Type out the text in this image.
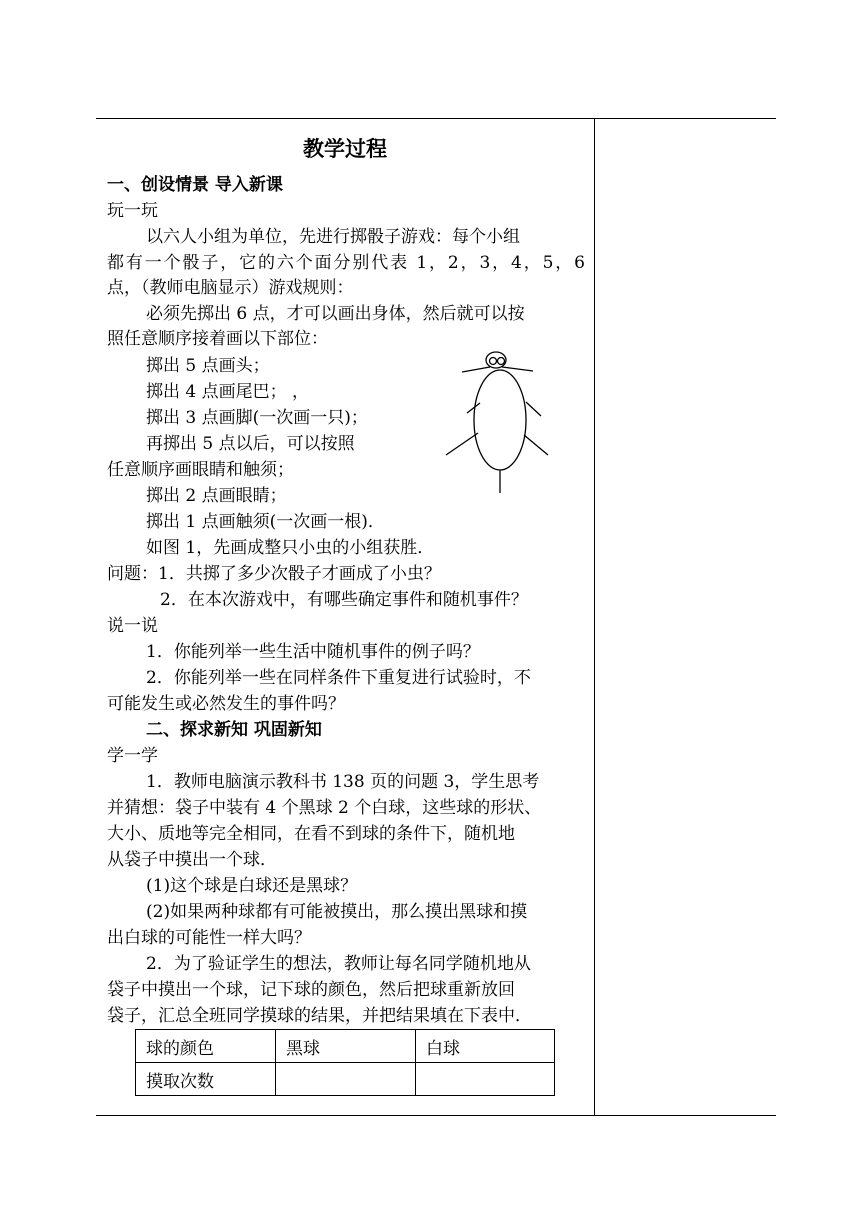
教学过程
一、创设情景 导入新课
玩一玩
以六人小组为单位，先进行掷骰子游戏：每个小组
都有一个骰子，它的六个面分别代表 1，2，3，4，5，6
点，（教师电脑显示）游戏规则：
必须先掷出 6 点，才可以画出身体，然后就可以按
照任意顺序接着画以下部位：
掷出 5 点画头；
掷出 4 点画尾巴； ，
掷出 3 点画脚(一次画一只)；
再掷出 5 点以后，可以按照
任意顺序画眼睛和触须；
掷出 2 点画眼睛；
掷出 1 点画触须(一次画一根)．
如图 1，先画成整只小虫的小组获胜．
问题：1．共掷了多少次骰子才画成了小虫？
2．在本次游戏中，有哪些确定事件和随机事件？
说一说
1．你能列举一些生活中随机事件的例子吗？
2．你能列举一些在同样条件下重复进行试验时，不
可能发生或必然发生的事件吗？
二、探求新知 巩固新知
学一学
1．教师电脑演示教科书 138 页的问题 3，学生思考
并猜想：袋子中装有 4 个黑球 2 个白球，这些球的形状、
大小、质地等完全相同，在看不到球的条件下，随机地
从袋子中摸出一个球．
(1)这个球是白球还是黑球？
(2)如果两种球都有可能被摸出，那么摸出黑球和摸
出白球的可能性一样大吗？
2．为了验证学生的想法，教师让每名同学随机地从
袋子中摸出一个球，记下球的颜色，然后把球重新放回
袋子，汇总全班同学摸球的结果，并把结果填在下表中．
球的颜色	黑球	白球
摸取次数		
